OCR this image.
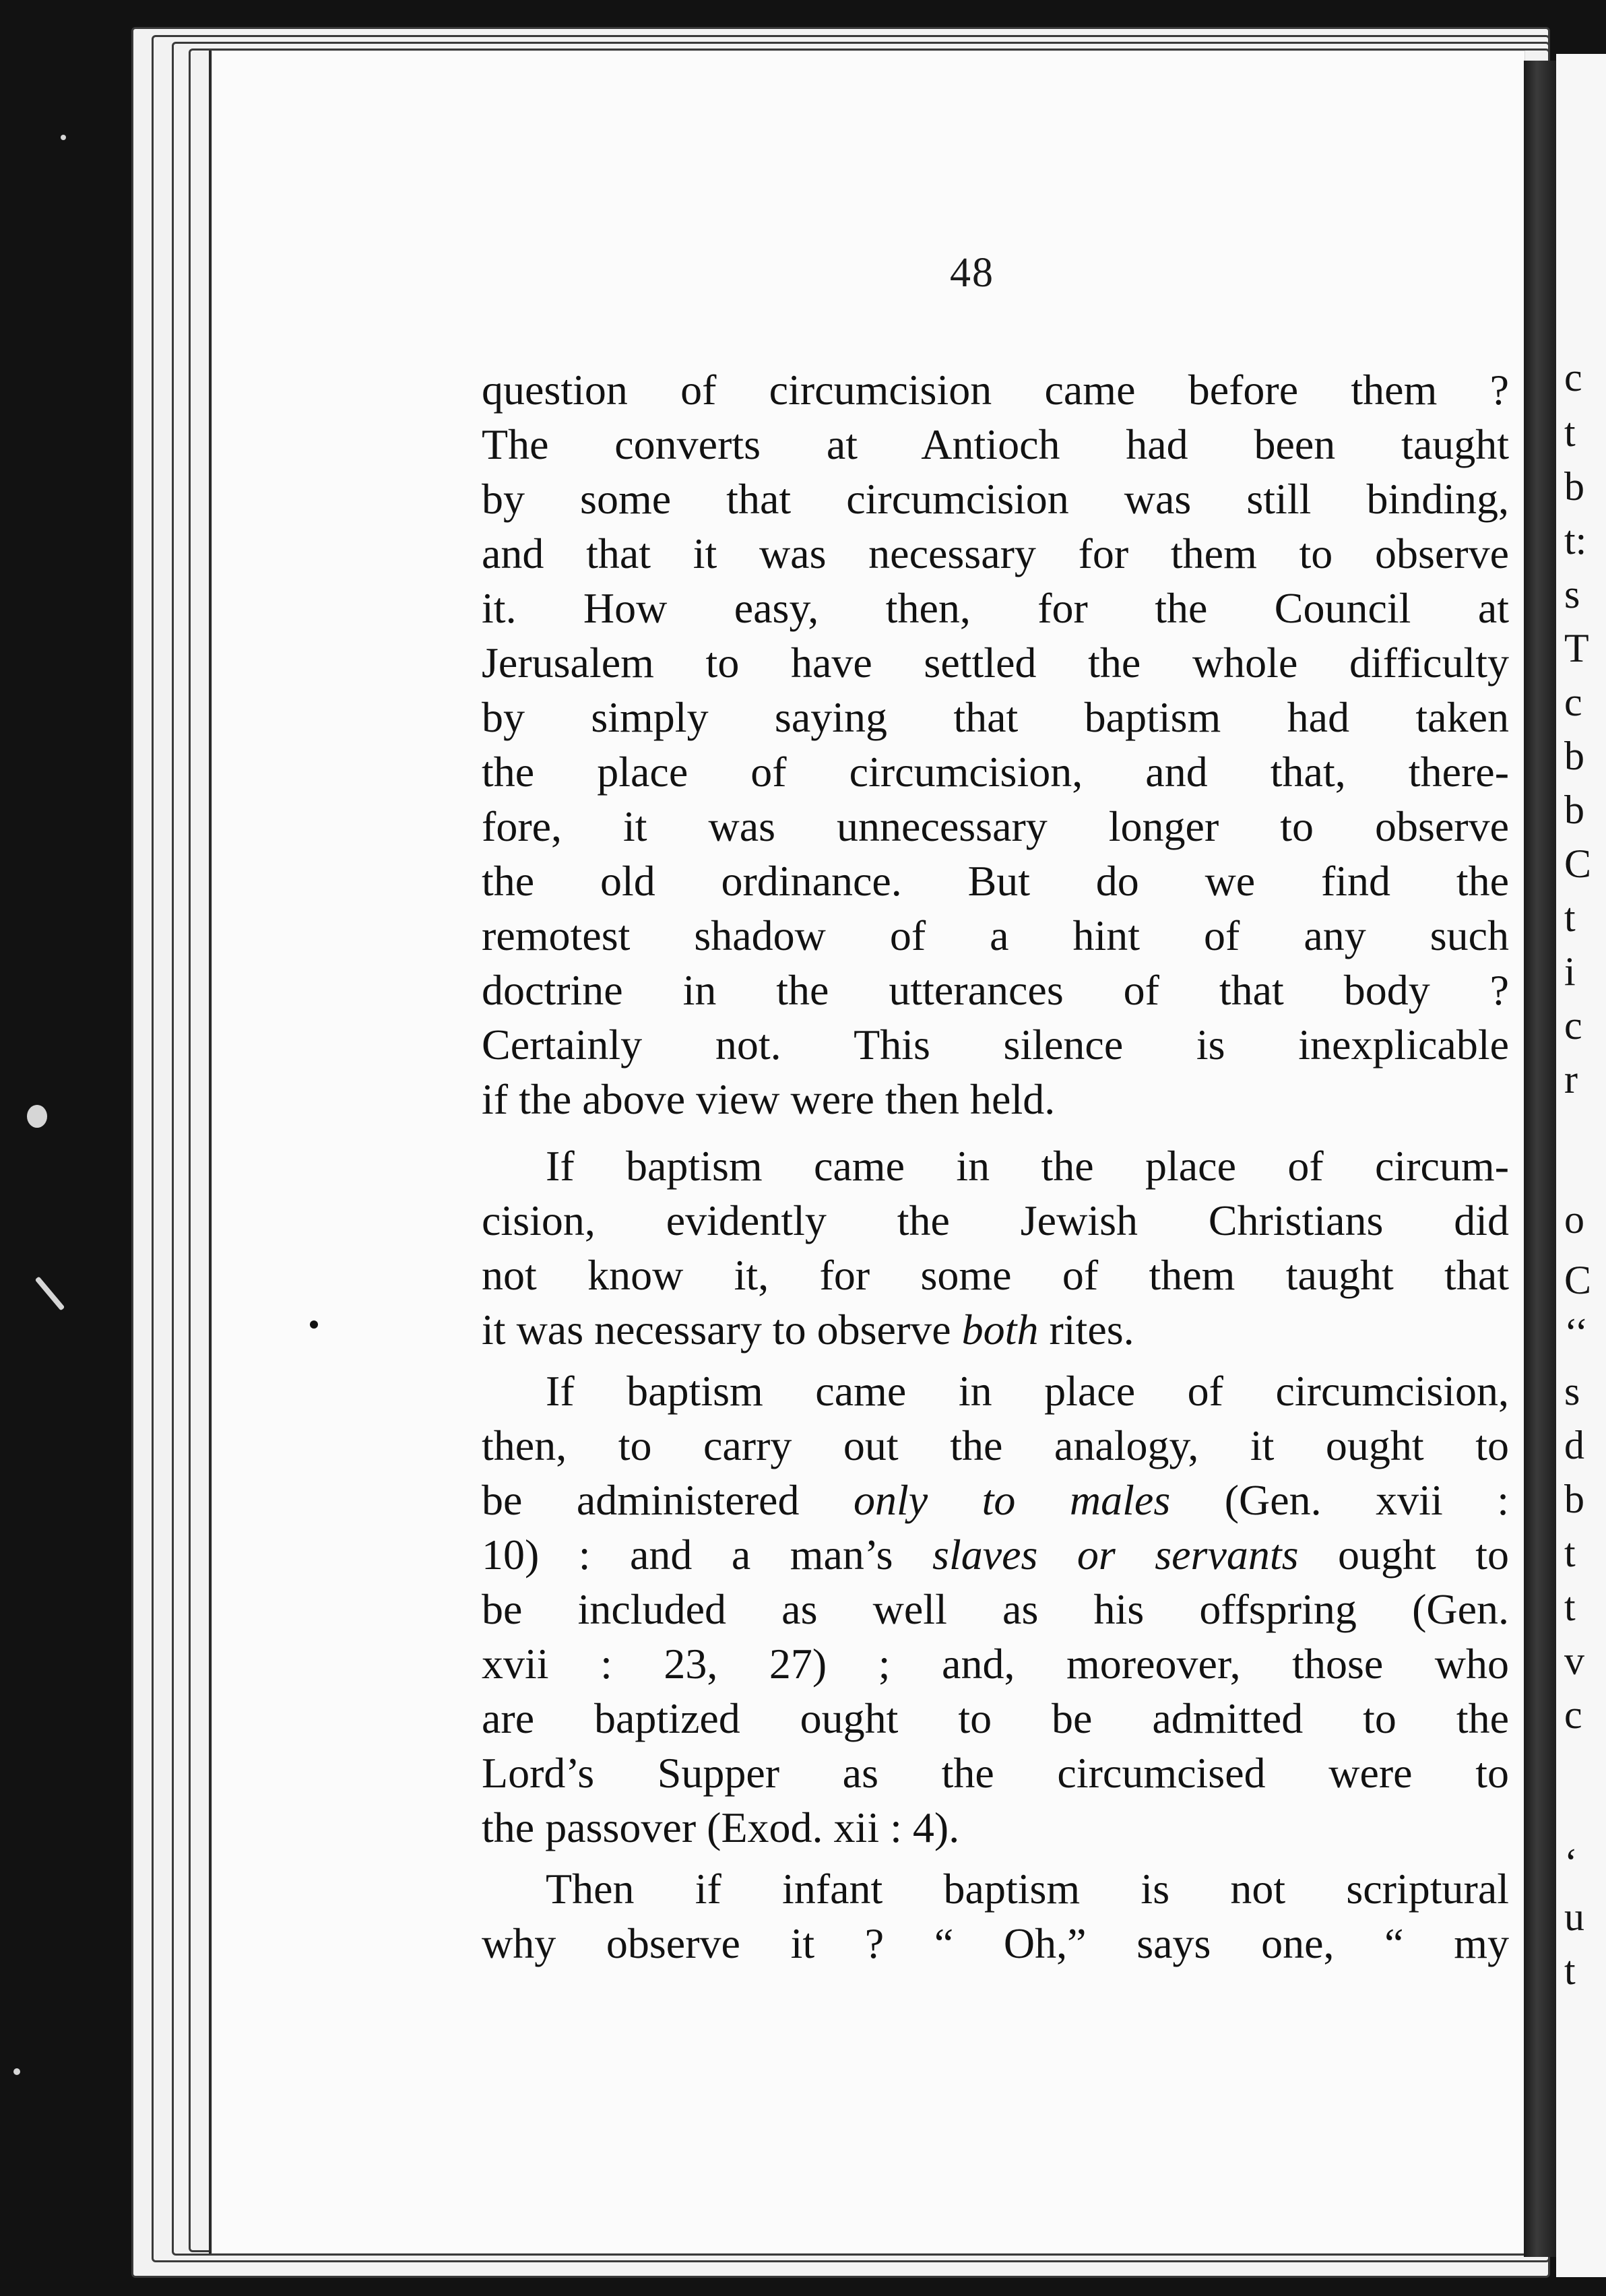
48

question of circumcision came before them ?
The converts at Antioch had been taught
by some that circumcision was still binding,
and that it was necessary for them to observe
it. How easy, then, for the Council at
Jerusalem to have settled the whole difficulty
by simply saying that baptism had taken
the place of circumcision, and that, there-
fore, it was unnecessary longer to observe
the old ordinance. But do we find the
remotest shadow of a hint of any such
doctrine in the utterances of that body ?
Certainly not. This silence is inexplicable
if the above view were then held.

If baptism came in the place of circum-
cision, evidently the Jewish Christians did
not know it, for some of them taught that
it was necessary to observe both rites.

If baptism came in place of circumcision,
then, to carry out the analogy, it ought to
be administered only to males (Gen. xvii :
10) : and a man’s slaves or servants ought to
be included as well as his offspring (Gen.
xvii : 23, 27) ; and, moreover, those who
are baptized ought to be admitted to the
Lord’s Supper as the circumcised were to
the passover (Exod. xii : 4).

Then if infant baptism is not scriptural
why observe it ? “ Oh,” says one, “ my

c
t
b
t:
s
T
c
b
b
C
t
i
c
r
o
C
‘‘
s
d
b
t
t
v
c
‘
u
t
